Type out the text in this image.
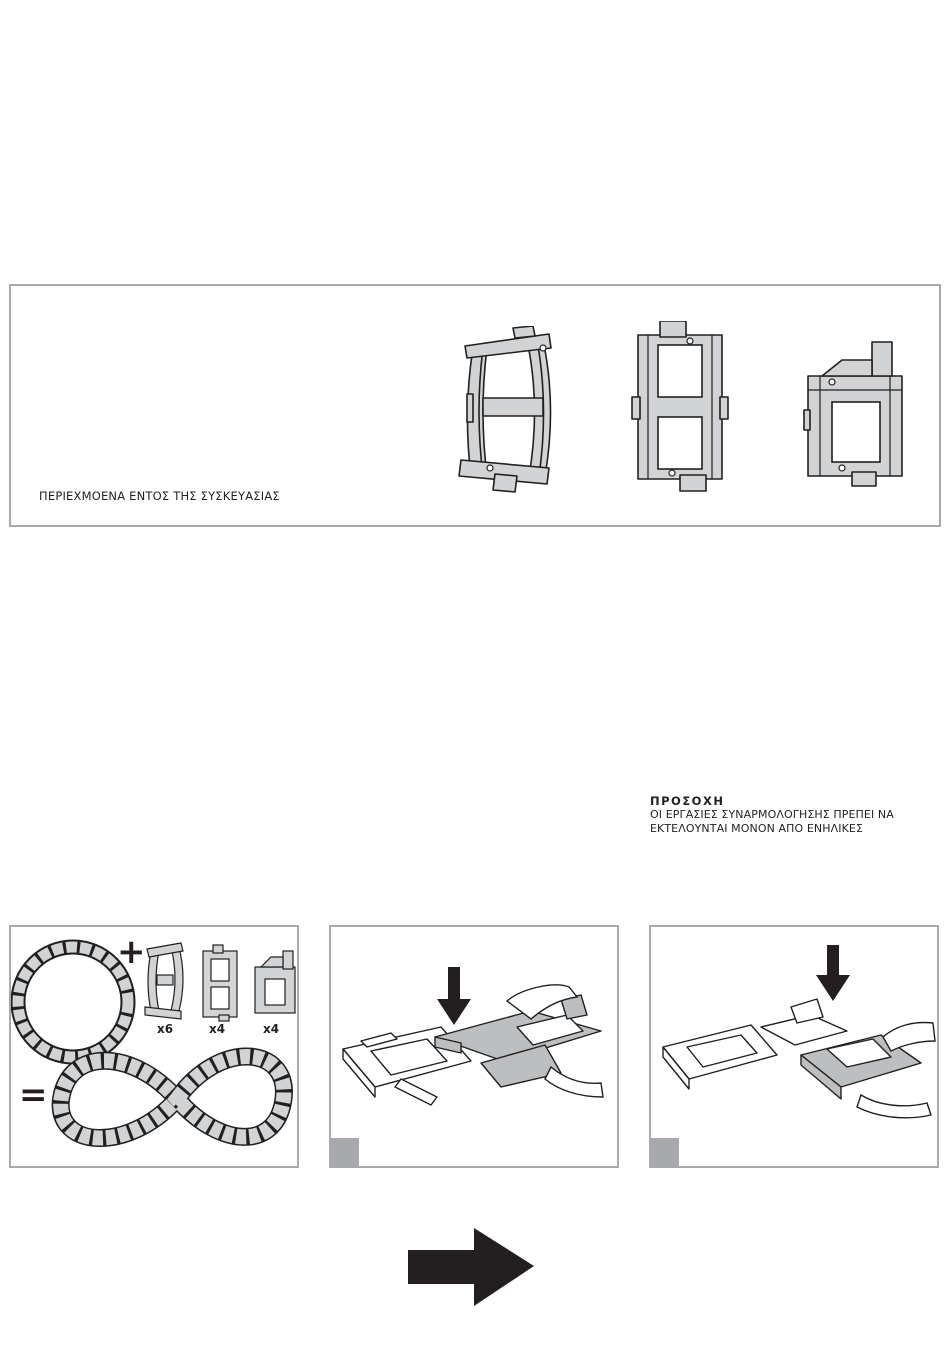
ΠΕΡΙΕΧΜΟΕΝΑ ΕΝΤΟΣ ΤΗΣ ΣΥΣΚΕΥΑΣΙΑΣ
ΠΡΟΣΟΧΗ
ΟΙ ΕΡΓΑΣΙΕΣ ΣΥΝΑΡΜΟΛΟΓΗΣΗΣ ΠΡΕΠΕΙ ΝΑ
ΕΚΤΕΛΟΥΝΤΑΙ ΜΟΝΟΝ ΑΠΟ ΕΝΗΛΙΚΕΣ
+
=
x6	x4	x4
